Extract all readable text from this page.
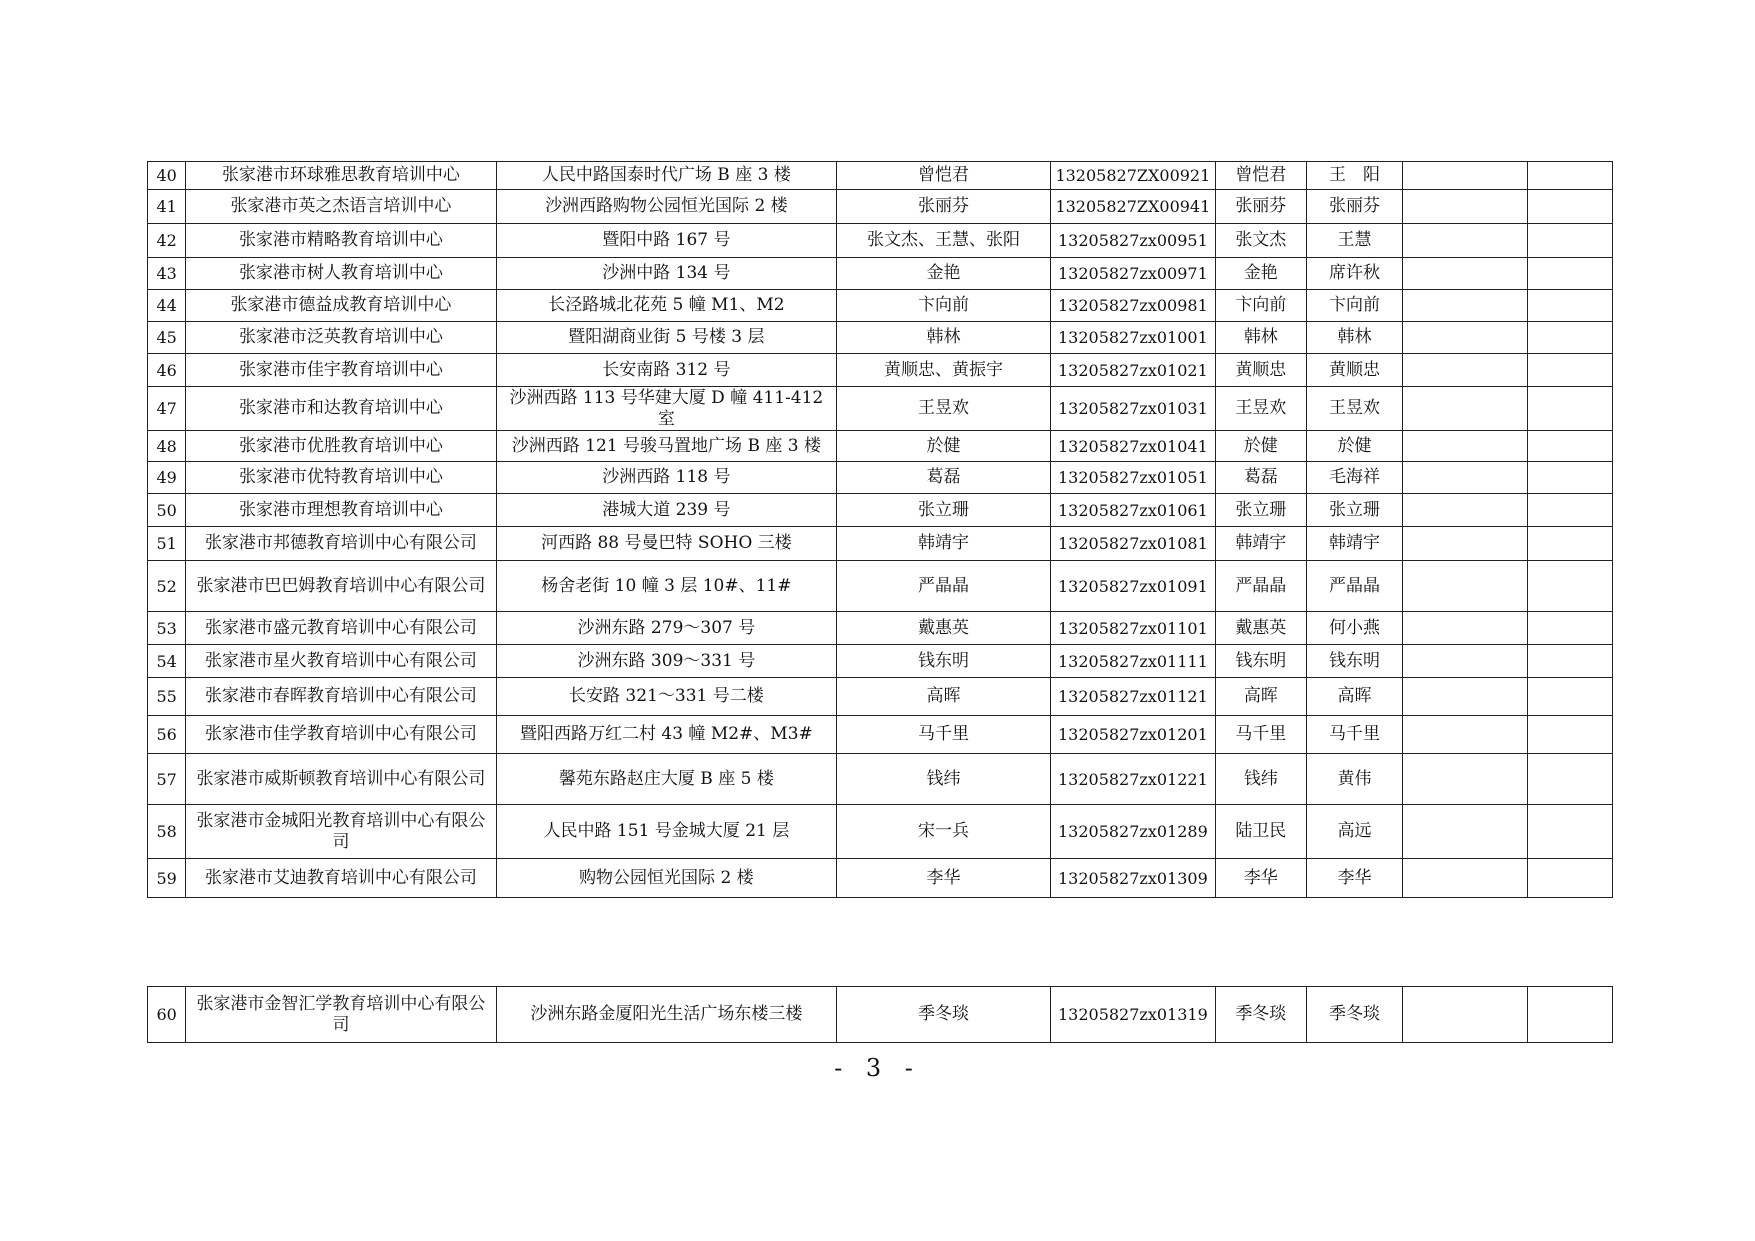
40	张家港市环球雅思教育培训中心	人民中路国泰时代广场 B 座 3 楼	曾恺君	13205827ZX00921	曾恺君	王　阳		
41	张家港市英之杰语言培训中心	沙洲西路购物公园恒光国际 2 楼	张丽芬	13205827ZX00941	张丽芬	张丽芬		
42	张家港市精略教育培训中心	暨阳中路 167 号	张文杰、王慧、张阳	13205827zx00951	张文杰	王慧		
43	张家港市树人教育培训中心	沙洲中路 134 号	金艳	13205827zx00971	金艳	席许秋		
44	张家港市德益成教育培训中心	长泾路城北花苑 5 幢 M1、M2	卞向前	13205827zx00981	卞向前	卞向前		
45	张家港市泛英教育培训中心	暨阳湖商业街 5 号楼 3 层	韩林	13205827zx01001	韩林	韩林		
46	张家港市佳宇教育培训中心	长安南路 312 号	黄顺忠、黄振宇	13205827zx01021	黄顺忠	黄顺忠		
47	张家港市和达教育培训中心	沙洲西路 113 号华建大厦 D 幢 411-412 室	王昱欢	13205827zx01031	王昱欢	王昱欢		
48	张家港市优胜教育培训中心	沙洲西路 121 号骏马置地广场 B 座 3 楼	於健	13205827zx01041	於健	於健		
49	张家港市优特教育培训中心	沙洲西路 118 号	葛磊	13205827zx01051	葛磊	毛海祥		
50	张家港市理想教育培训中心	港城大道 239 号	张立珊	13205827zx01061	张立珊	张立珊		
51	张家港市邦德教育培训中心有限公司	河西路 88 号曼巴特 SOHO 三楼	韩靖宇	13205827zx01081	韩靖宇	韩靖宇		
52	张家港市巴巴姆教育培训中心有限公司	杨舍老街 10 幢 3 层 10#、11#	严晶晶	13205827zx01091	严晶晶	严晶晶		
53	张家港市盛元教育培训中心有限公司	沙洲东路 279～307 号	戴惠英	13205827zx01101	戴惠英	何小燕		
54	张家港市星火教育培训中心有限公司	沙洲东路 309～331 号	钱东明	13205827zx01111	钱东明	钱东明		
55	张家港市春晖教育培训中心有限公司	长安路 321～331 号二楼	高晖	13205827zx01121	高晖	高晖		
56	张家港市佳学教育培训中心有限公司	暨阳西路万红二村 43 幢 M2#、M3#	马千里	13205827zx01201	马千里	马千里		
57	张家港市威斯顿教育培训中心有限公司	馨苑东路赵庄大厦 B 座 5 楼	钱纬	13205827zx01221	钱纬	黄伟		
58	张家港市金城阳光教育培训中心有限公司	人民中路 151 号金城大厦 21 层	宋一兵	13205827zx01289	陆卫民	高远		
59	张家港市艾迪教育培训中心有限公司	购物公园恒光国际 2 楼	李华	13205827zx01309	李华	李华		
60	张家港市金智汇学教育培训中心有限公司	沙洲东路金厦阳光生活广场东楼三楼	季冬琰	13205827zx01319	季冬琰	季冬琰		
- 3 -
